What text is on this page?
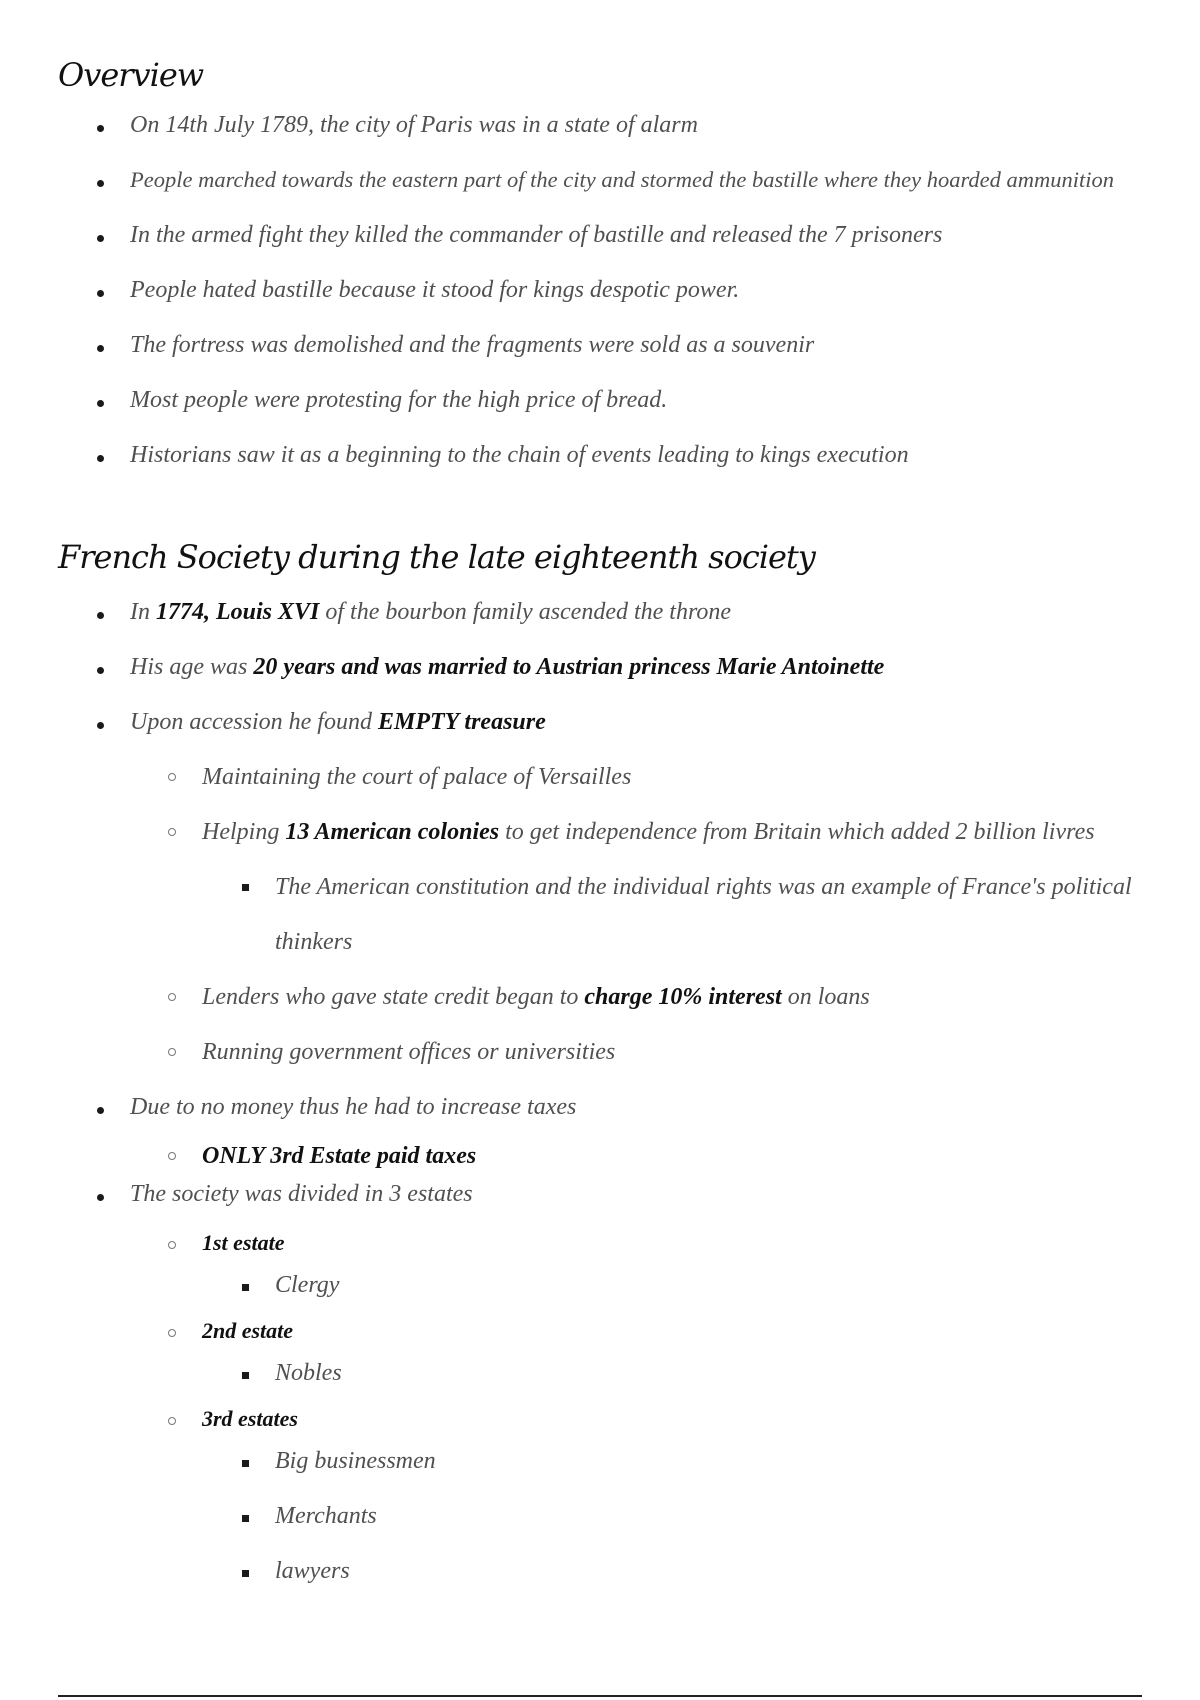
Overview
On 14th July 1789, the city of Paris was in a state of alarm
People marched towards the eastern part of the city and stormed the bastille where they hoarded ammunition
In the armed fight they killed the commander of bastille and released the 7 prisoners
People hated bastille because it stood for kings despotic power.
The fortress was demolished and the fragments were sold as a souvenir
Most people were protesting for the high price of bread.
Historians saw it as a beginning to the chain of events leading to kings execution
French Society during the late eighteenth society
In 1774, Louis XVI of the bourbon family ascended the throne
His age was 20 years and was married to Austrian princess Marie Antoinette
Upon accession he found EMPTY treasure
Maintaining the court of palace of Versailles
Helping 13 American colonies to get independence from Britain which added 2 billion livres
The American constitution and the individual rights was an example of France's political
thinkers
Lenders who gave state credit began to charge 10% interest on loans
Running government offices or universities
Due to no money thus he had to increase taxes
ONLY 3rd Estate paid taxes
The society was divided in 3 estates
1st estate
Clergy
2nd estate
Nobles
3rd estates
Big businessmen
Merchants
lawyers
